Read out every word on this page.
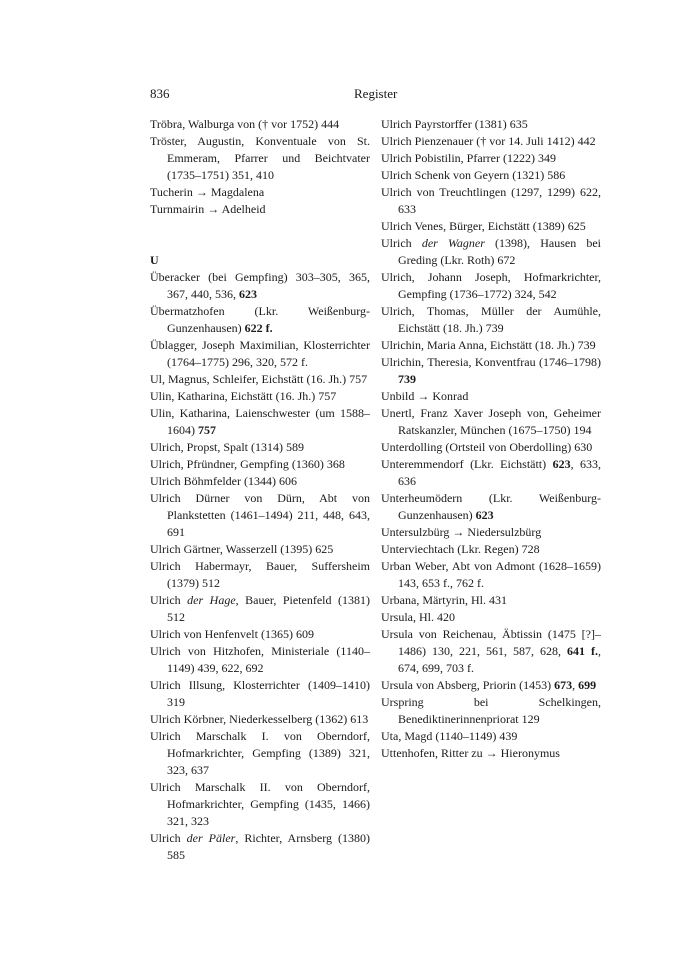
836	Register
Tröbra, Walburga von († vor 1752) 444
Tröster, Augustin, Konventuale von St. Emmeram, Pfarrer und Beichtvater (1735–1751) 351, 410
Tucherin → Magdalena
Turnmairin → Adelheid
U
Überacker (bei Gempfing) 303–305, 365, 367, 440, 536, 623
Übermatzhofen (Lkr. Weißenburg-Gunzenhausen) 622 f.
Üblagger, Joseph Maximilian, Klosterrichter (1764–1775) 296, 320, 572 f.
Ul, Magnus, Schleifer, Eichstätt (16. Jh.) 757
Ulin, Katharina, Eichstätt (16. Jh.) 757
Ulin, Katharina, Laienschwester (um 1588–1604) 757
Ulrich, Propst, Spalt (1314) 589
Ulrich, Pfründner, Gempfing (1360) 368
Ulrich Böhmfelder (1344) 606
Ulrich Dürner von Dürn, Abt von Plankstetten (1461–1494) 211, 448, 643, 691
Ulrich Gärtner, Wasserzell (1395) 625
Ulrich Habermayr, Bauer, Suffersheim (1379) 512
Ulrich der Hage, Bauer, Pietenfeld (1381) 512
Ulrich von Henfenvelt (1365) 609
Ulrich von Hitzhofen, Ministeriale (1140–1149) 439, 622, 692
Ulrich Illsung, Klosterrichter (1409–1410) 319
Ulrich Körbner, Niederkesselberg (1362) 613
Ulrich Marschalk I. von Oberndorf, Hofmarkrichter, Gempfing (1389) 321, 323, 637
Ulrich Marschalk II. von Oberndorf, Hofmarkrichter, Gempfing (1435, 1466) 321, 323
Ulrich der Päler, Richter, Arnsberg (1380) 585
Ulrich Payrstorffer (1381) 635
Ulrich Pienzenauer († vor 14. Juli 1412) 442
Ulrich Pobistilin, Pfarrer (1222) 349
Ulrich Schenk von Geyern (1321) 586
Ulrich von Treuchtlingen (1297, 1299) 622, 633
Ulrich Venes, Bürger, Eichstätt (1389) 625
Ulrich der Wagner (1398), Hausen bei Greding (Lkr. Roth) 672
Ulrich, Johann Joseph, Hofmarkrichter, Gempfing (1736–1772) 324, 542
Ulrich, Thomas, Müller der Aumühle, Eichstätt (18. Jh.) 739
Ulrichin, Maria Anna, Eichstätt (18. Jh.) 739
Ulrichin, Theresia, Konventfrau (1746–1798) 739
Unbild → Konrad
Unertl, Franz Xaver Joseph von, Geheimer Ratskanzler, München (1675–1750) 194
Unterdolling (Ortsteil von Oberdolling) 630
Unteremmendorf (Lkr. Eichstätt) 623, 633, 636
Unterheumödern (Lkr. Weißenburg-Gunzenhausen) 623
Untersulzbürg → Niedersulzbürg
Unterviechtach (Lkr. Regen) 728
Urban Weber, Abt von Admont (1628–1659) 143, 653 f., 762 f.
Urbana, Märtyrin, Hl. 431
Ursula, Hl. 420
Ursula von Reichenau, Äbtissin (1475 [?]–1486) 130, 221, 561, 587, 628, 641 f., 674, 699, 703 f.
Ursula von Absberg, Priorin (1453) 673, 699
Urspring bei Schelkingen, Benediktinerinnenpriorat 129
Uta, Magd (1140–1149) 439
Uttenhofen, Ritter zu → Hieronymus
